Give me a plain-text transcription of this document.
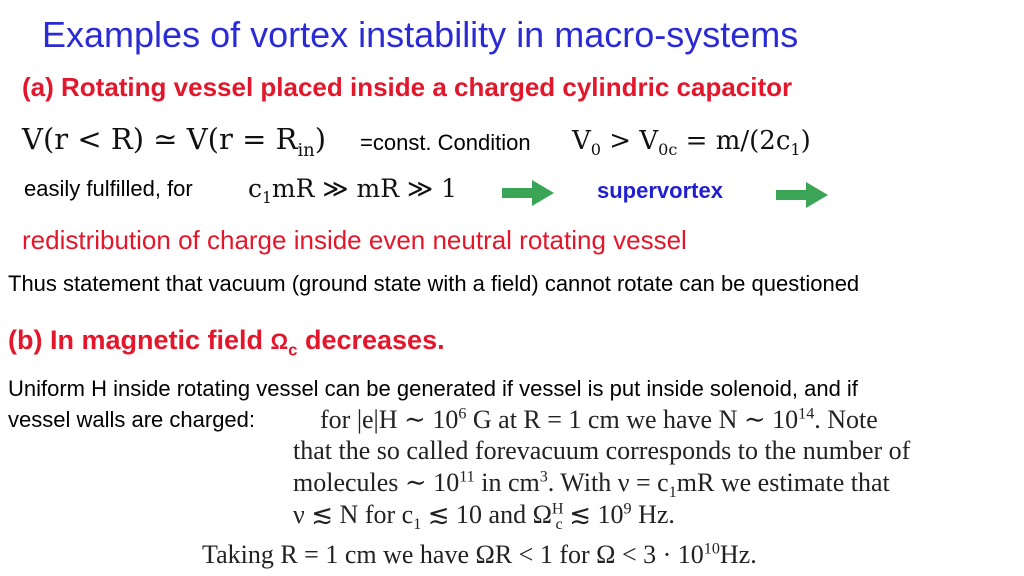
Examples of vortex instability in macro-systems
(a) Rotating vessel placed inside a charged cylindric capacitor
V(r < R) ≃ $V(r = R_{in})$ =const. Condition $V_0 > V_{0c} = m/(2c_1)$
easily fulfilled, for $c_1mR$ ≫ mR ≫ 1	supervortex
redistribution of charge inside even neutral rotating vessel
Thus statement that vacuum (ground state with a field) cannot rotate can be questioned
(b) In magnetic field $\Omega_c$ decreases.
Uniform H inside rotating vessel can be generated if vessel is put inside solenoid, and if
vessel walls are charged: for |e|H ∼ $10^6$ G at R = 1 cm we have N ∼ $10^{14}$. Note
that the so called forevacuum corresponds to the number of
molecules ∼ $10^{11}$ in $cm^3$. With $\nu = c_1mR$ we estimate that
ν ≲ N for $c_1$ ≲ 10 and $\Omega^H_c$ ≲ $10^9$ Hz.
Taking R = 1 cm we have ΩR < 1 for $\Omega < 3 \cdot 10^{10}Hz$.
